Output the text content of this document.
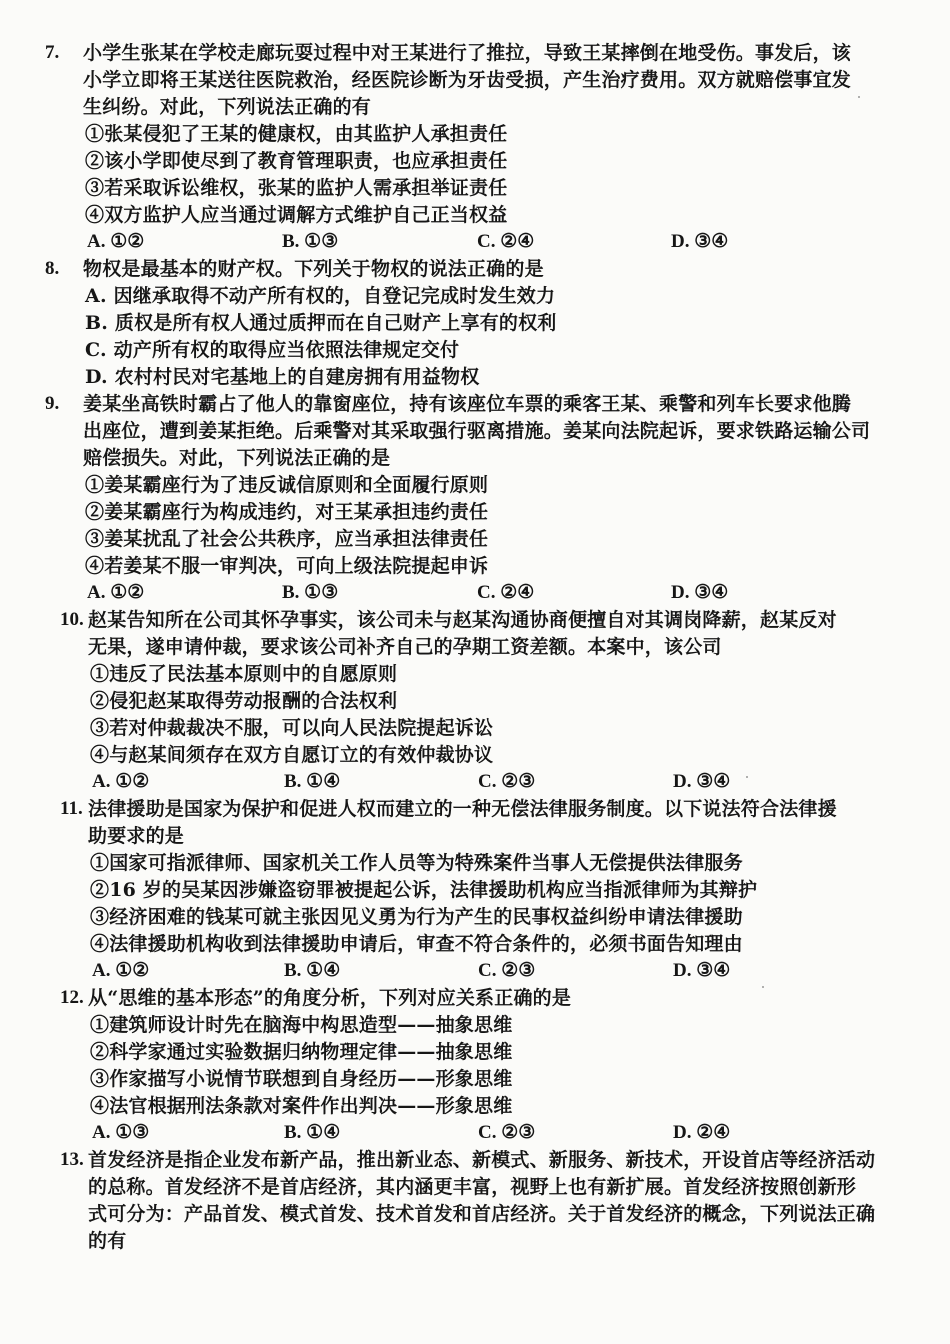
7. 小学生张某在学校走廊玩耍过程中对王某进行了推拉，导致王某摔倒在地受伤。事发后，该
小学立即将王某送往医院救治，经医院诊断为牙齿受损，产生治疗费用。双方就赔偿事宜发
生纠纷。对此，下列说法正确的有
①张某侵犯了王某的健康权，由其监护人承担责任
②该小学即使尽到了教育管理职责，也应承担责任
③若采取诉讼维权，张某的监护人需承担举证责任
④双方监护人应当通过调解方式维护自己正当权益
A. ①②	B. ①③	C. ②④	D. ③④
8. 物权是最基本的财产权。下列关于物权的说法正确的是
A. 因继承取得不动产所有权的，自登记完成时发生效力
B. 质权是所有权人通过质押而在自己财产上享有的权利
C. 动产所有权的取得应当依照法律规定交付
D. 农村村民对宅基地上的自建房拥有用益物权
9. 姜某坐高铁时霸占了他人的靠窗座位，持有该座位车票的乘客王某、乘警和列车长要求他腾
出座位，遭到姜某拒绝。后乘警对其采取强行驱离措施。姜某向法院起诉，要求铁路运输公司
赔偿损失。对此，下列说法正确的是
①姜某霸座行为了违反诚信原则和全面履行原则
②姜某霸座行为构成违约，对王某承担违约责任
③姜某扰乱了社会公共秩序，应当承担法律责任
④若姜某不服一审判决，可向上级法院提起申诉
A. ①②	B. ①③	C. ②④	D. ③④
10. 赵某告知所在公司其怀孕事实，该公司未与赵某沟通协商便擅自对其调岗降薪，赵某反对
无果，遂申请仲裁，要求该公司补齐自己的孕期工资差额。本案中，该公司
①违反了民法基本原则中的自愿原则
②侵犯赵某取得劳动报酬的合法权利
③若对仲裁裁决不服，可以向人民法院提起诉讼
④与赵某间须存在双方自愿订立的有效仲裁协议
A. ①②	B. ①④	C. ②③	D. ③④
11. 法律援助是国家为保护和促进人权而建立的一种无偿法律服务制度。以下说法符合法律援
助要求的是
①国家可指派律师、国家机关工作人员等为特殊案件当事人无偿提供法律服务
②16 岁的吴某因涉嫌盗窃罪被提起公诉，法律援助机构应当指派律师为其辩护
③经济困难的钱某可就主张因见义勇为行为产生的民事权益纠纷申请法律援助
④法律援助机构收到法律援助申请后，审查不符合条件的，必须书面告知理由
A. ①②	B. ①④	C. ②③	D. ③④
12. 从“思维的基本形态”的角度分析，下列对应关系正确的是
①建筑师设计时先在脑海中构思造型——抽象思维
②科学家通过实验数据归纳物理定律——抽象思维
③作家描写小说情节联想到自身经历——形象思维
④法官根据刑法条款对案件作出判决——形象思维
A. ①③	B. ①④	C. ②③	D. ②④
13. 首发经济是指企业发布新产品，推出新业态、新模式、新服务、新技术，开设首店等经济活动
的总称。首发经济不是首店经济，其内涵更丰富，视野上也有新扩展。首发经济按照创新形
式可分为：产品首发、模式首发、技术首发和首店经济。关于首发经济的概念，下列说法正确
的有
